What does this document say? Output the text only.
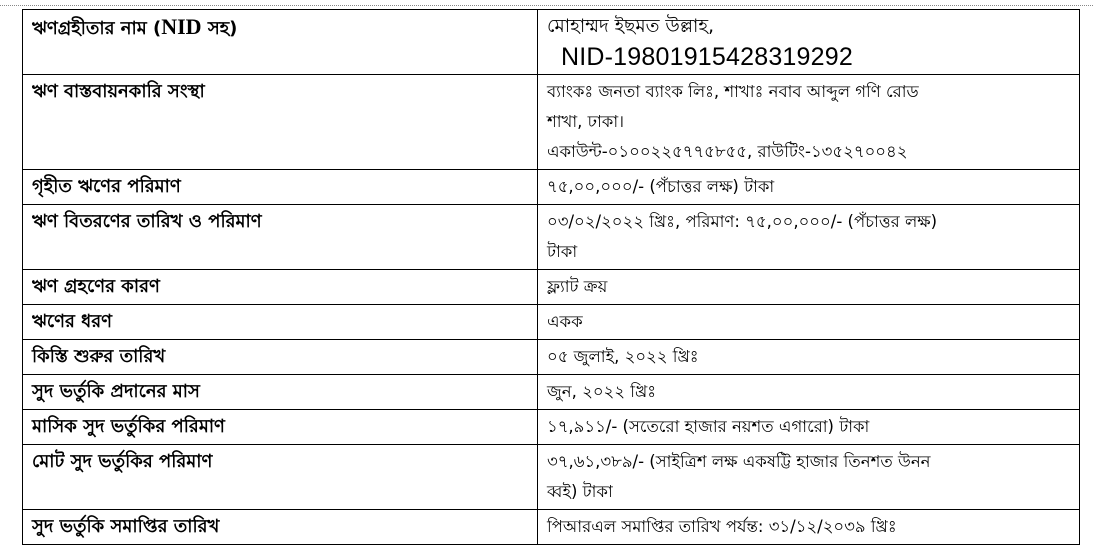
ঋণগ্রহীতার নাম (NID সহ)	মোহাম্মদ ইছমত উল্লাহ,
NID-19801915428319292

ঋণ বাস্তবায়নকারি সংস্থা	ব্যাংকঃ জনতা ব্যাংক লিঃ, শাখাঃ নবাব আব্দুল গণি রোড
শাখা, ঢাকা।
একাউন্ট-০১০০২২৫৭৭৫৮৫৫, রাউটিং-১৩৫২৭০০৪২

গৃহীত ঋণের পরিমাণ	৭৫,০০,০০০/- (পঁচাত্তর লক্ষ) টাকা

ঋণ বিতরণের তারিখ ও পরিমাণ	০৩/০২/২০২২ খ্রিঃ, পরিমাণ: ৭৫,০০,০০০/- (পঁচাত্তর লক্ষ)
টাকা

ঋণ গ্রহণের কারণ	ফ্ল্যাট ক্রয়

ঋণের ধরণ	একক

কিস্তি শুরুর তারিখ	০৫ জুলাই, ২০২২ খ্রিঃ

সুদ ভর্তুকি প্রদানের মাস	জুন, ২০২২ খ্রিঃ

মাসিক সুদ ভর্তুকির পরিমাণ	১৭,৯১১/- (সতেরো হাজার নয়শত এগারো) টাকা

মোট সুদ ভর্তুকির পরিমাণ	৩৭,৬১,৩৮৯/- (সাইত্রিশ লক্ষ একষট্টি হাজার তিনশত উনন
ব্বই) টাকা

সুদ ভর্তুকি সমাপ্তির তারিখ	পিআরএল সমাপ্তির তারিখ পর্যন্ত: ৩১/১২/২০৩৯ খ্রিঃ
